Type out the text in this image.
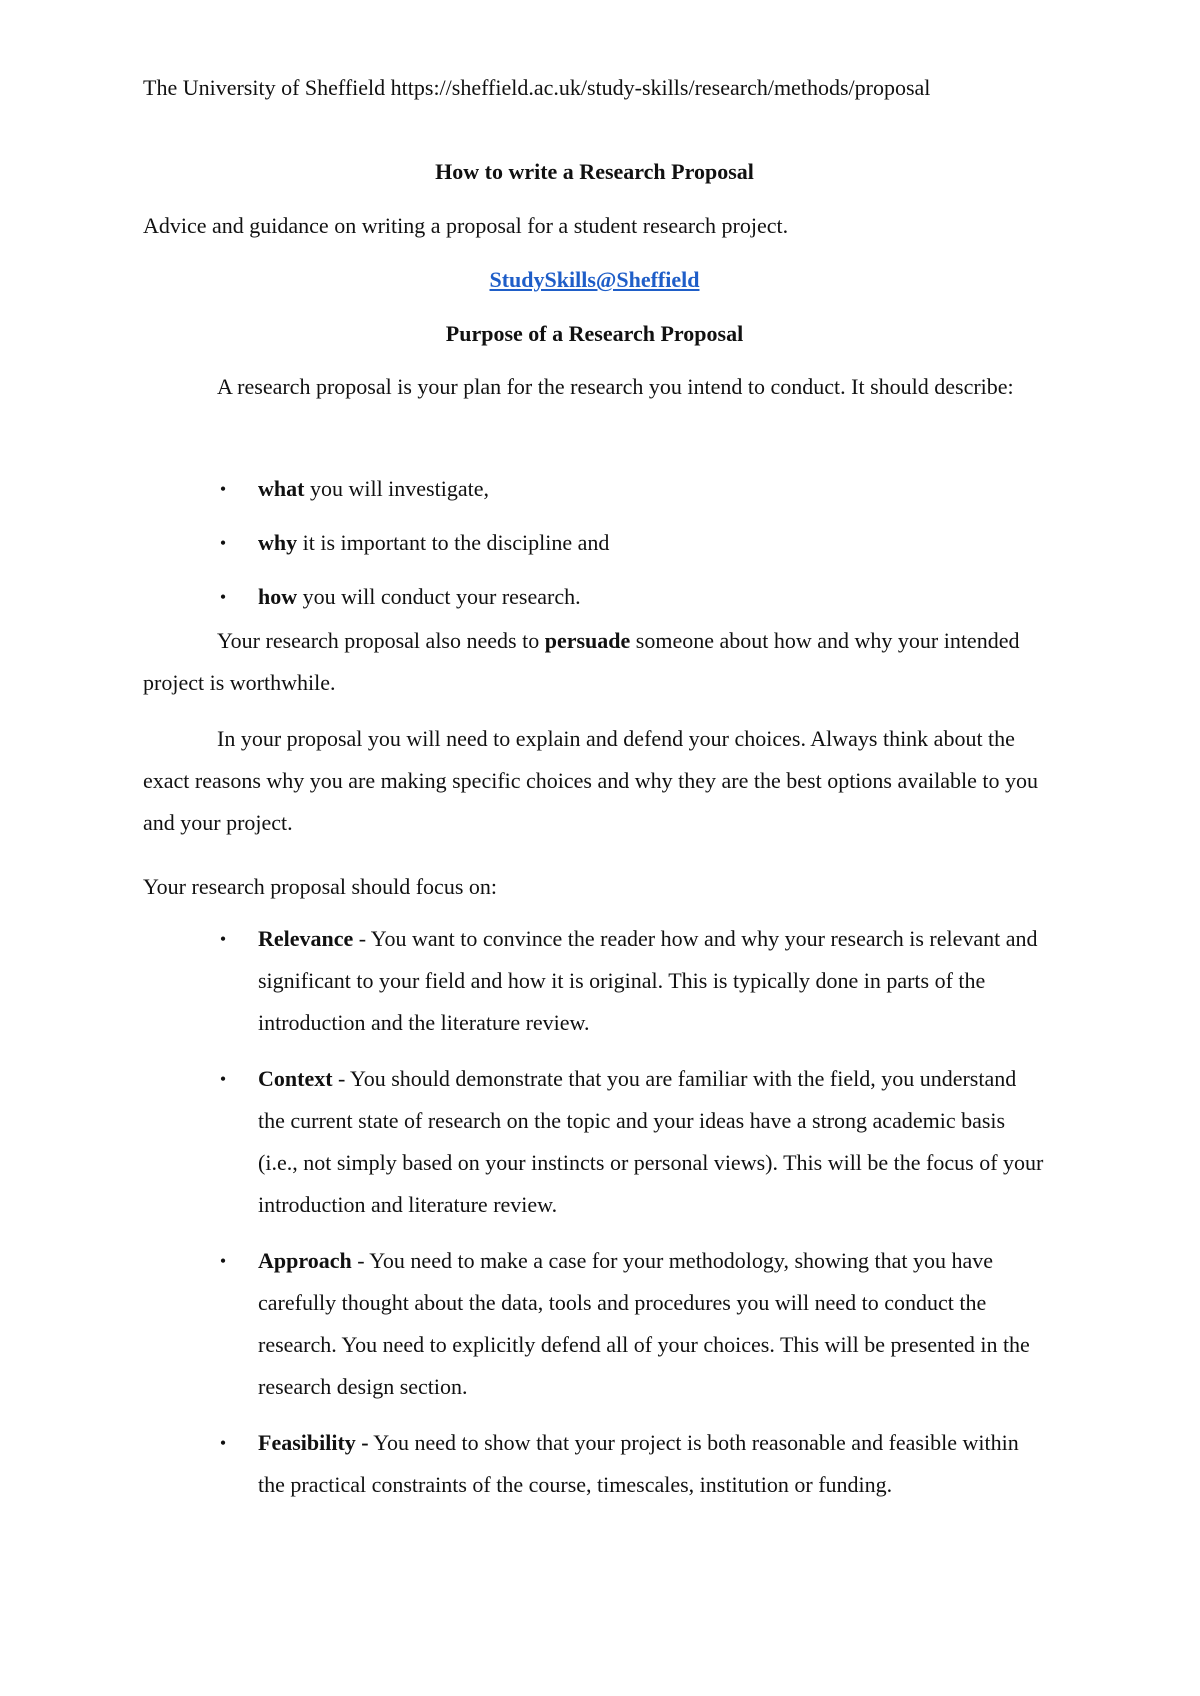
The University of Sheffield https://sheffield.ac.uk/study-skills/research/methods/proposal
How to write a Research Proposal
Advice and guidance on writing a proposal for a student research project.
StudySkills@Sheffield
Purpose of a Research Proposal

A research proposal is your plan for the research you intend to conduct. It should describe:

•	what you will investigate,
•	why it is important to the discipline and
•	how you will conduct your research.

Your research proposal also needs to persuade someone about how and why your intended project is worthwhile.

In your proposal you will need to explain and defend your choices. Always think about the exact reasons why you are making specific choices and why they are the best options available to you and your project.

Your research proposal should focus on:

•	Relevance - You want to convince the reader how and why your research is relevant and significant to your field and how it is original. This is typically done in parts of the introduction and the literature review.
•	Context - You should demonstrate that you are familiar with the field, you understand the current state of research on the topic and your ideas have a strong academic basis (i.e., not simply based on your instincts or personal views). This will be the focus of your introduction and literature review.
•	Approach - You need to make a case for your methodology, showing that you have carefully thought about the data, tools and procedures you will need to conduct the research. You need to explicitly defend all of your choices. This will be presented in the research design section.
•	Feasibility - You need to show that your project is both reasonable and feasible within the practical constraints of the course, timescales, institution or funding.
